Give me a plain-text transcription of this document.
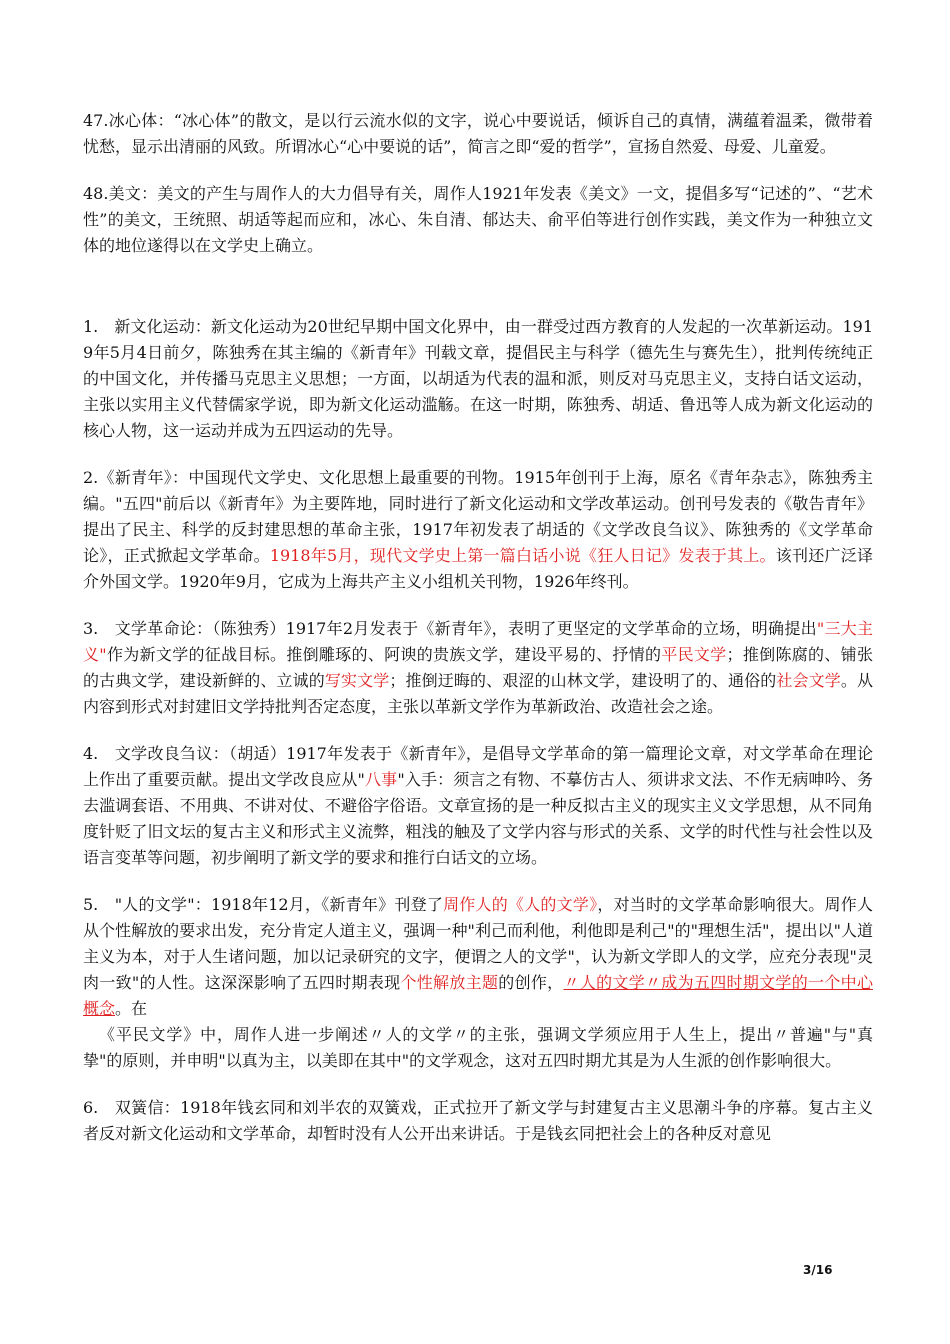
47.冰心体：“冰心体”的散文，是以行云流水似的文字，说心中要说话，倾诉自己的真情，满蕴着温柔，微带着忧愁，显示出清丽的风致。所谓冰心“心中要说的话”，简言之即“爱的哲学”，宣扬自然爱、母爱、儿童爱。

48.美文：美文的产生与周作人的大力倡导有关，周作人1921年发表《美文》一文，提倡多写“记述的”、“艺术性”的美文，王统照、胡适等起而应和，冰心、朱自清、郁达夫、俞平伯等进行创作实践，美文作为一种独立文体的地位遂得以在文学史上确立。

1.　新文化运动：新文化运动为20世纪早期中国文化界中，由一群受过西方教育的人发起的一次革新运动。1919年5月4日前夕，陈独秀在其主编的《新青年》刊载文章，提倡民主与科学（德先生与赛先生），批判传统纯正的中国文化，并传播马克思主义思想；一方面，以胡适为代表的温和派，则反对马克思主义，支持白话文运动，主张以实用主义代替儒家学说，即为新文化运动滥觞。在这一时期，陈独秀、胡适、鲁迅等人成为新文化运动的核心人物，这一运动并成为五四运动的先导。

2.《新青年》：中国现代文学史、文化思想上最重要的刊物。1915年创刊于上海，原名《青年杂志》，陈独秀主编。"五四"前后以《新青年》为主要阵地，同时进行了新文化运动和文学改革运动。创刊号发表的《敬告青年》提出了民主、科学的反封建思想的革命主张，1917年初发表了胡适的《文学改良刍议》、陈独秀的《文学革命论》，正式掀起文学革命。1918年5月，现代文学史上第一篇白话小说《狂人日记》发表于其上。该刊还广泛译介外国文学。1920年9月，它成为上海共产主义小组机关刊物，1926年终刊。

3.　文学革命论：（陈独秀）1917年2月发表于《新青年》，表明了更坚定的文学革命的立场，明确提出"三大主义"作为新文学的征战目标。推倒雕琢的、阿谀的贵族文学，建设平易的、抒情的平民文学；推倒陈腐的、铺张的古典文学，建设新鲜的、立诚的写实文学；推倒迂晦的、艰涩的山林文学，建设明了的、通俗的社会文学。从内容到形式对封建旧文学持批判否定态度，主张以革新文学作为革新政治、改造社会之途。

4.　文学改良刍议：（胡适）1917年发表于《新青年》，是倡导文学革命的第一篇理论文章，对文学革命在理论上作出了重要贡献。提出文学改良应从"八事"入手：须言之有物、不摹仿古人、须讲求文法、不作无病呻吟、务去滥调套语、不用典、不讲对仗、不避俗字俗语。文章宣扬的是一种反拟古主义的现实主义文学思想，从不同角度针贬了旧文坛的复古主义和形式主义流弊，粗浅的触及了文学内容与形式的关系、文学的时代性与社会性以及语言变革等问题，初步阐明了新文学的要求和推行白话文的立场。

5.　"人的文学"：1918年12月，《新青年》刊登了周作人的《人的文学》，对当时的文学革命影响很大。周作人从个性解放的要求出发，充分肯定人道主义，强调一种"利己而利他，利他即是利己"的"理想生活"，提出以"人道主义为本，对于人生诸问题，加以记录研究的文字，便谓之人的文学"，认为新文学即人的文学，应充分表现"灵肉一致"的人性。这深深影响了五四时期表现个性解放主题的创作，〃人的文学〃成为五四时期文学的一个中心概念。在
《平民文学》中，周作人进一步阐述〃人的文学〃的主张，强调文学须应用于人生上，提出〃普遍"与"真挚"的原则，并申明"以真为主，以美即在其中"的文学观念，这对五四时期尤其是为人生派的创作影响很大。

6.　双簧信：1918年钱玄同和刘半农的双簧戏，正式拉开了新文学与封建复古主义思潮斗争的序幕。复古主义者反对新文化运动和文学革命，却暂时没有人公开出来讲话。于是钱玄同把社会上的各种反对意见

3/16
